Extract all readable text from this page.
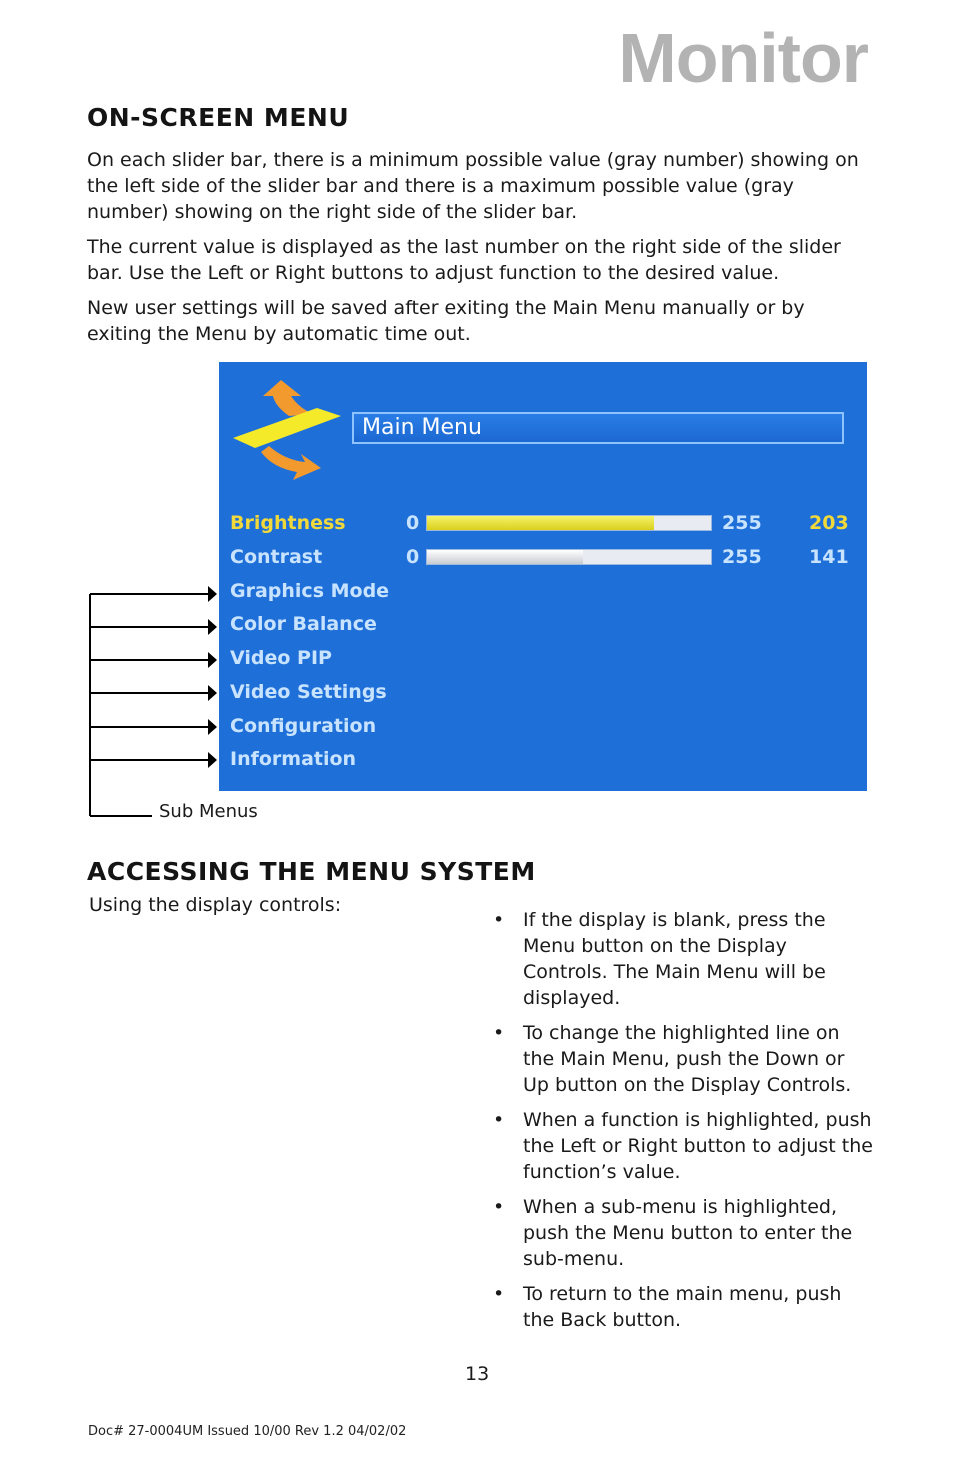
Monitor
ON-SCREEN MENU

On each slider bar, there is a minimum possible value (gray number) showing on the left side of the slider bar and there is a maximum possible value (gray number) showing on the right side of the slider bar.

The current value is displayed as the last number on the right side of the slider bar. Use the Left or Right buttons to adjust function to the desired value.

New user settings will be saved after exiting the Main Menu manually or by exiting the Menu by automatic time out.

Main Menu
Brightness	0	255 203
Contrast	0	255 141
Graphics Mode
Color Balance
Video PIP
Video Settings
Configuration
Information
Sub Menus
ACCESSING THE MENU SYSTEM

Using the display controls:

• If the display is blank, press the Menu button on the Display Controls. The Main Menu will be displayed.
• To change the highlighted line on the Main Menu, push the Down or Up button on the Display Controls.
• When a function is highlighted, push the Left or Right button to adjust the function’s value.
• When a sub-menu is highlighted, push the Menu button to enter the sub-menu.
• To return to the main menu, push the Back button.
13
Doc# 27-0004UM Issued 10/00 Rev 1.2 04/02/02
